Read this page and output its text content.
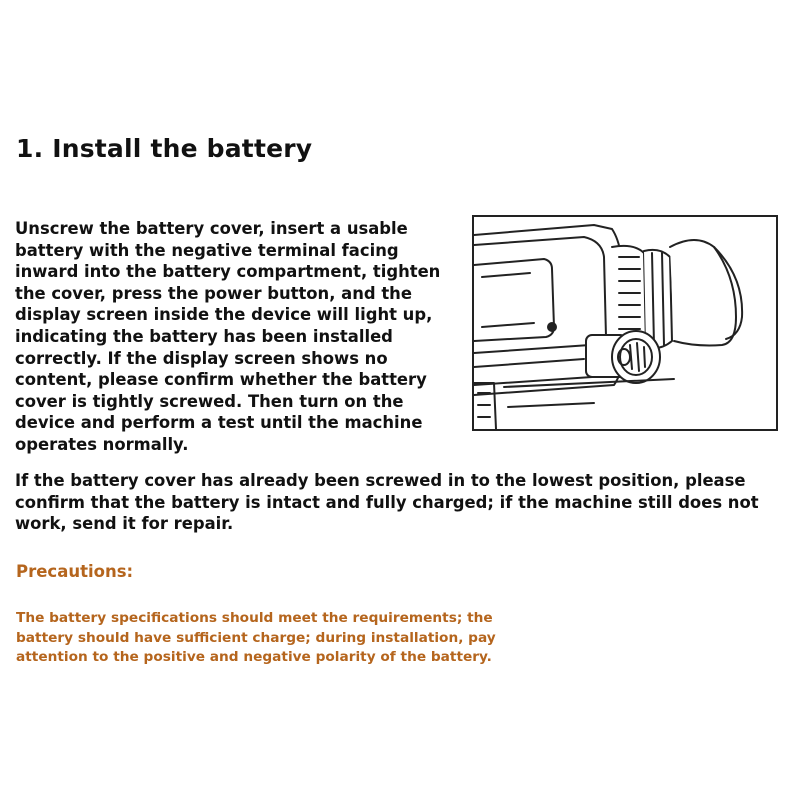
1. Install the battery

Unscrew the battery cover, insert a usable battery with the negative terminal facing inward into the battery compartment, tighten the cover, press the power button, and the display screen inside the device will light up, indicating the battery has been installed correctly. If the display screen shows no content, please confirm whether the battery cover is tightly screwed. Then turn on the device and perform a test until the machine operates normally.

If the battery cover has already been screwed in to the lowest position, please confirm that the battery is intact and fully charged; if the machine still does not work, send it for repair.

Precautions:

The battery specifications should meet the requirements; the battery should have sufficient charge; during installation, pay attention to the positive and negative polarity of the battery.
